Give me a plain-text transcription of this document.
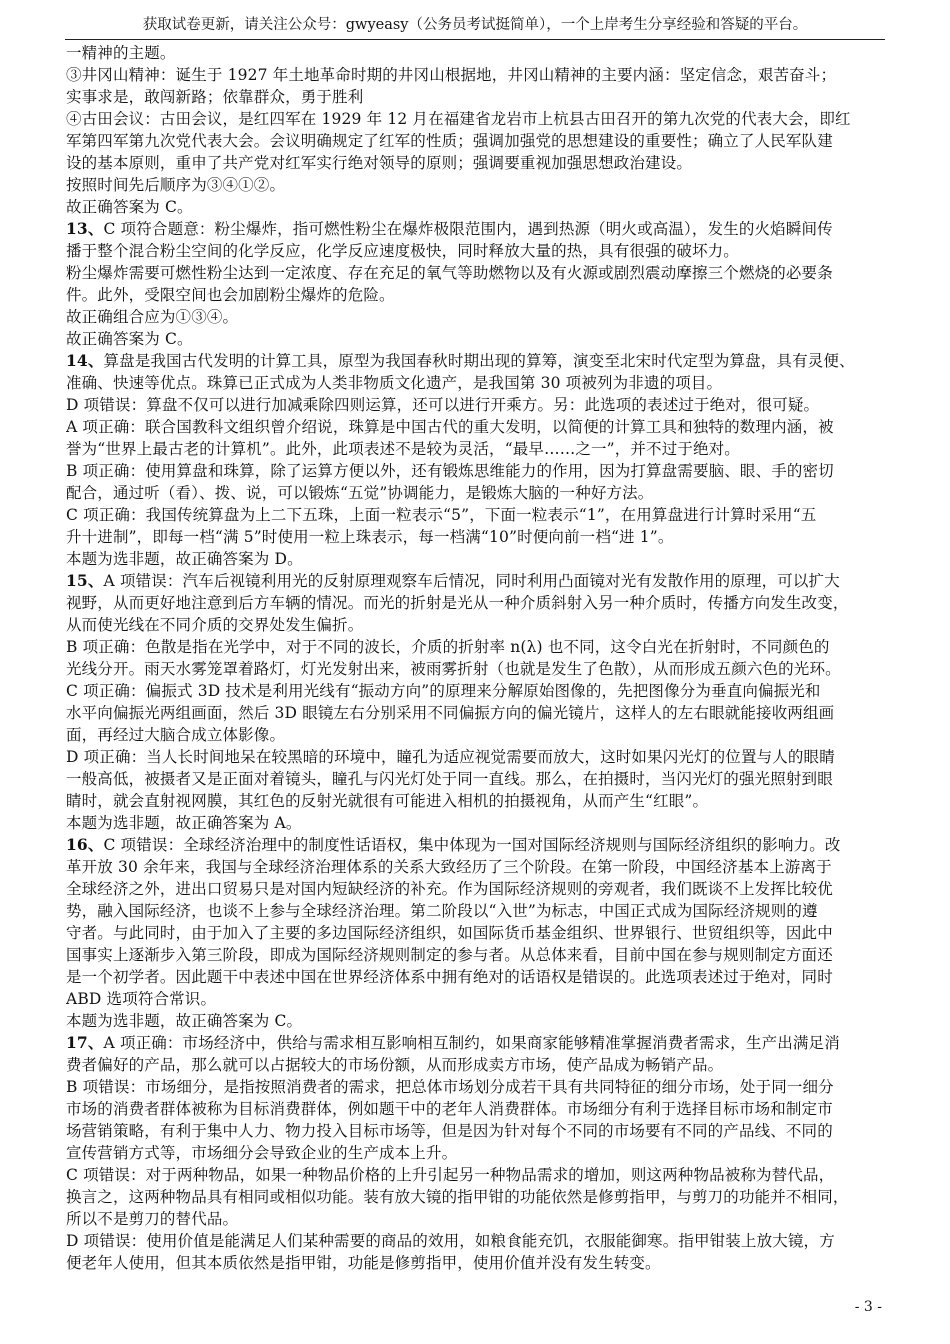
获取试卷更新，请关注公众号：gwyeasy（公务员考试挺简单），一个上岸考生分享经验和答疑的平台。

一精神的主题。

③井冈山精神：诞生于 1927 年土地革命时期的井冈山根据地，井冈山精神的主要内涵：坚定信念，艰苦奋斗；

实事求是，敢闯新路；依靠群众，勇于胜利

④古田会议：古田会议，是红四军在 1929 年 12 月在福建省龙岩市上杭县古田召开的第九次党的代表大会，即红

军第四军第九次党代表大会。会议明确规定了红军的性质；强调加强党的思想建设的重要性；确立了人民军队建

设的基本原则，重申了共产党对红军实行绝对领导的原则；强调要重视加强思想政治建设。

按照时间先后顺序为③④①②。

故正确答案为 C。

13、C 项符合题意：粉尘爆炸，指可燃性粉尘在爆炸极限范围内，遇到热源（明火或高温），发生的火焰瞬间传

播于整个混合粉尘空间的化学反应，化学反应速度极快，同时释放大量的热，具有很强的破坏力。

粉尘爆炸需要可燃性粉尘达到一定浓度、存在充足的氧气等助燃物以及有火源或剧烈震动摩擦三个燃烧的必要条

件。此外，受限空间也会加剧粉尘爆炸的危险。

故正确组合应为①③④。

故正确答案为 C。

14、算盘是我国古代发明的计算工具，原型为我国春秋时期出现的算筹，演变至北宋时代定型为算盘，具有灵便、

准确、快速等优点。珠算已正式成为人类非物质文化遗产，是我国第 30 项被列为非遗的项目。

D 项错误：算盘不仅可以进行加减乘除四则运算，还可以进行开乘方。另：此选项的表述过于绝对，很可疑。

A 项正确：联合国教科文组织曾介绍说，珠算是中国古代的重大发明，以简便的计算工具和独特的数理内涵，被

誉为“世界上最古老的计算机”。此外，此项表述不是较为灵活，“最早……之一”，并不过于绝对。

B 项正确：使用算盘和珠算，除了运算方便以外，还有锻炼思维能力的作用，因为打算盘需要脑、眼、手的密切

配合，通过听（看）、拨、说，可以锻炼“五觉”协调能力，是锻炼大脑的一种好方法。

C 项正确：我国传统算盘为上二下五珠，上面一粒表示“5”，下面一粒表示“1”，在用算盘进行计算时采用“五

升十进制”，即每一档“满 5”时使用一粒上珠表示，每一档满“10”时便向前一档“进 1”。

本题为选非题，故正确答案为 D。

15、A 项错误：汽车后视镜利用光的反射原理观察车后情况，同时利用凸面镜对光有发散作用的原理，可以扩大

视野，从而更好地注意到后方车辆的情况。而光的折射是光从一种介质斜射入另一种介质时，传播方向发生改变，

从而使光线在不同介质的交界处发生偏折。

B 项正确：色散是指在光学中，对于不同的波长，介质的折射率 n(λ) 也不同，这令白光在折射时，不同颜色的

光线分开。雨天水雾笼罩着路灯，灯光发射出来，被雨雾折射（也就是发生了色散），从而形成五颜六色的光环。

C 项正确：偏振式 3D 技术是利用光线有“振动方向”的原理来分解原始图像的，先把图像分为垂直向偏振光和

水平向偏振光两组画面，然后 3D 眼镜左右分别采用不同偏振方向的偏光镜片，这样人的左右眼就能接收两组画

面，再经过大脑合成立体影像。

D 项正确：当人长时间地呆在较黑暗的环境中，瞳孔为适应视觉需要而放大，这时如果闪光灯的位置与人的眼睛

一般高低，被摄者又是正面对着镜头，瞳孔与闪光灯处于同一直线。那么，在拍摄时，当闪光灯的强光照射到眼

睛时，就会直射视网膜，其红色的反射光就很有可能进入相机的拍摄视角，从而产生“红眼”。

本题为选非题，故正确答案为 A。

16、C 项错误：全球经济治理中的制度性话语权，集中体现为一国对国际经济规则与国际经济组织的影响力。改

革开放 30 余年来，我国与全球经济治理体系的关系大致经历了三个阶段。在第一阶段，中国经济基本上游离于

全球经济之外，进出口贸易只是对国内短缺经济的补充。作为国际经济规则的旁观者，我们既谈不上发挥比较优

势，融入国际经济，也谈不上参与全球经济治理。第二阶段以“入世”为标志，中国正式成为国际经济规则的遵

守者。与此同时，由于加入了主要的多边国际经济组织，如国际货币基金组织、世界银行、世贸组织等，因此中

国事实上逐渐步入第三阶段，即成为国际经济规则制定的参与者。从总体来看，目前中国在参与规则制定方面还

是一个初学者。因此题干中表述中国在世界经济体系中拥有绝对的话语权是错误的。此选项表述过于绝对，同时

ABD 选项符合常识。

本题为选非题，故正确答案为 C。

17、A 项正确：市场经济中，供给与需求相互影响相互制约，如果商家能够精准掌握消费者需求，生产出满足消

费者偏好的产品，那么就可以占据较大的市场份额，从而形成卖方市场，使产品成为畅销产品。

B 项错误：市场细分，是指按照消费者的需求，把总体市场划分成若干具有共同特征的细分市场，处于同一细分

市场的消费者群体被称为目标消费群体，例如题干中的老年人消费群体。市场细分有利于选择目标市场和制定市

场营销策略，有利于集中人力、物力投入目标市场等，但是因为针对每个不同的市场要有不同的产品线、不同的

宣传营销方式等，市场细分会导致企业的生产成本上升。

C 项错误：对于两种物品，如果一种物品价格的上升引起另一种物品需求的增加，则这两种物品被称为替代品，

换言之，这两种物品具有相同或相似功能。装有放大镜的指甲钳的功能依然是修剪指甲，与剪刀的功能并不相同，

所以不是剪刀的替代品。

D 项错误：使用价值是能满足人们某种需要的商品的效用，如粮食能充饥，衣服能御寒。指甲钳装上放大镜，方

便老年人使用，但其本质依然是指甲钳，功能是修剪指甲，使用价值并没有发生转变。

- 3 -
